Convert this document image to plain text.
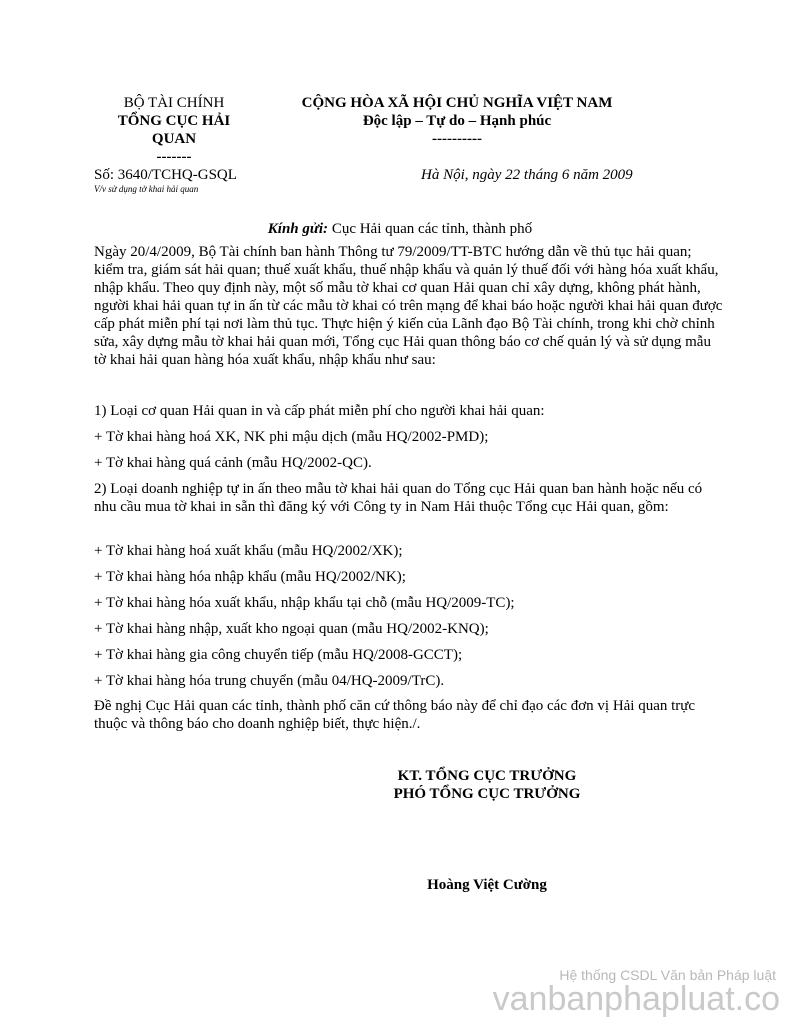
BỘ TÀI CHÍNH
TỔNG CỤC HẢI
QUAN
-------
Số: 3640/TCHQ-GSQL
V/v sử dụng tờ khai hải quan
CỘNG HÒA XÃ HỘI CHỦ NGHĨA VIỆT NAM
Độc lập – Tự do – Hạnh phúc
----------
Hà Nội, ngày 22 tháng 6 năm 2009
Kính gửi: Cục Hải quan các tỉnh, thành phố

Ngày 20/4/2009, Bộ Tài chính ban hành Thông tư 79/2009/TT-BTC hướng dẫn về thủ tục hải quan; kiểm tra, giám sát hải quan; thuế xuất khẩu, thuế nhập khẩu và quản lý thuế đối với hàng hóa xuất khẩu, nhập khẩu. Theo quy định này, một số mẫu tờ khai cơ quan Hải quan chỉ xây dựng, không phát hành, người khai hải quan tự in ấn từ các mẫu tờ khai có trên mạng để khai báo hoặc người khai hải quan được cấp phát miễn phí tại nơi làm thủ tục. Thực hiện ý kiến của Lãnh đạo Bộ Tài chính, trong khi chờ chỉnh sửa, xây dựng mẫu tờ khai hải quan mới, Tổng cục Hải quan thông báo cơ chế quản lý và sử dụng mẫu tờ khai hải quan hàng hóa xuất khẩu, nhập khẩu như sau:

1) Loại cơ quan Hải quan in và cấp phát miễn phí cho người khai hải quan:

+ Tờ khai hàng hoá XK, NK phi mậu dịch (mẫu HQ/2002-PMD);

+ Tờ khai hàng quá cảnh (mẫu HQ/2002-QC).

2) Loại doanh nghiệp tự in ấn theo mẫu tờ khai hải quan do Tổng cục Hải quan ban hành hoặc nếu có nhu cầu mua tờ khai in sẵn thì đăng ký với Công ty in Nam Hải thuộc Tổng cục Hải quan, gồm:

+ Tờ khai hàng hoá xuất khẩu (mẫu HQ/2002/XK);

+ Tờ khai hàng hóa nhập khẩu (mẫu HQ/2002/NK);

+ Tờ khai hàng hóa xuất khẩu, nhập khẩu tại chỗ (mẫu HQ/2009-TC);

+ Tờ khai hàng nhập, xuất kho ngoại quan (mẫu HQ/2002-KNQ);

+ Tờ khai hàng gia công chuyển tiếp (mẫu HQ/2008-GCCT);

+ Tờ khai hàng hóa trung chuyển (mẫu 04/HQ-2009/TrC).

Đề nghị Cục Hải quan các tỉnh, thành phố căn cứ thông báo này để chỉ đạo các đơn vị Hải quan trực thuộc và thông báo cho doanh nghiệp biết, thực hiện./.

KT. TỔNG CỤC TRƯỞNG
PHÓ TỔNG CỤC TRƯỞNG
Hoàng Việt Cường
Hệ thống CSDL Văn bản Pháp luật
vanbanphapluat.co
